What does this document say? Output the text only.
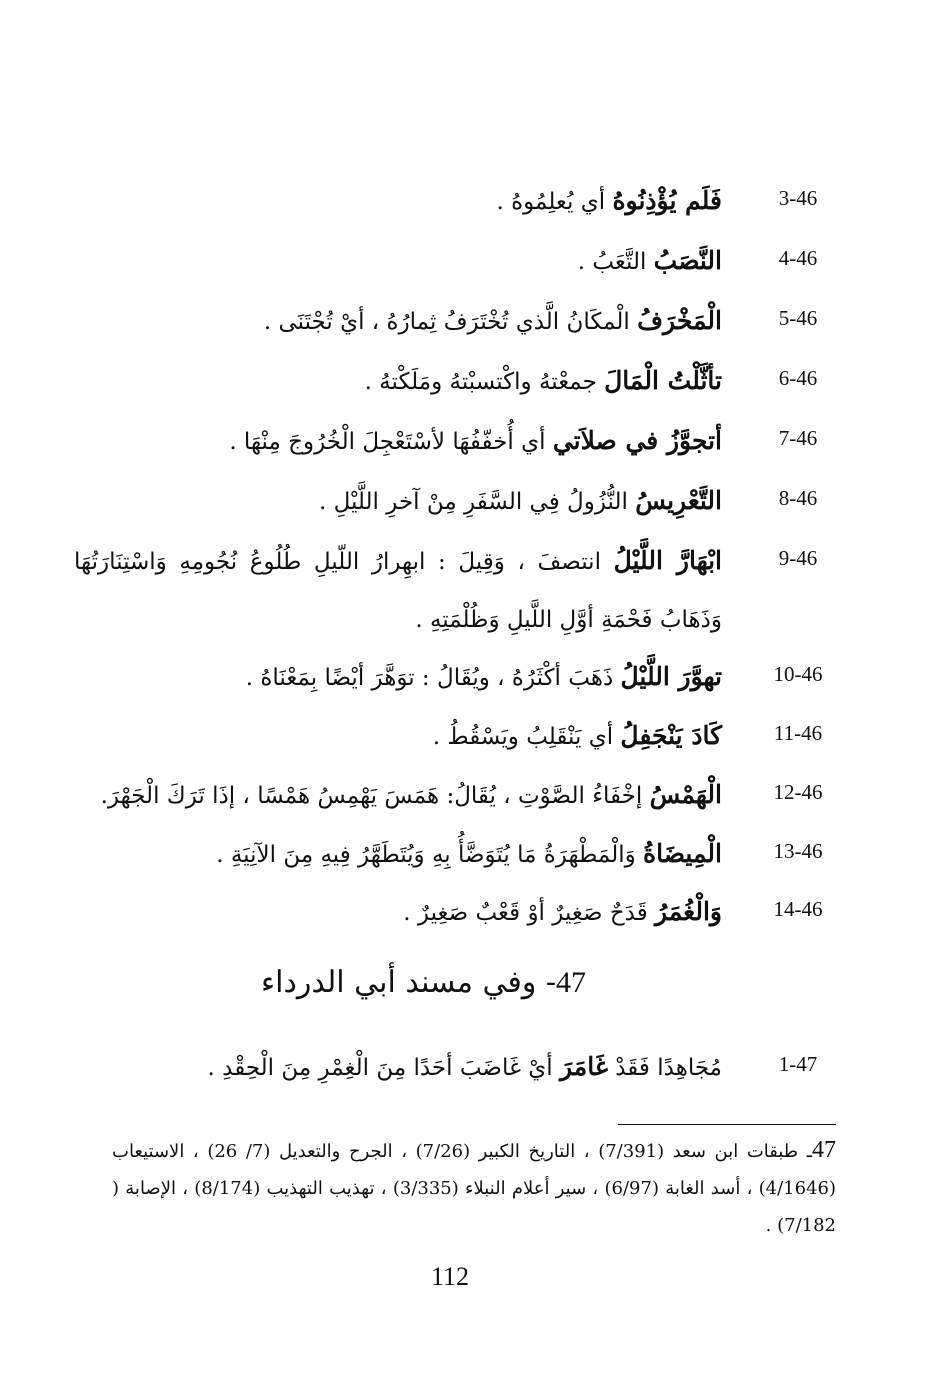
3-46
فَلَم يُؤْذِنُوهُ أي يُعلِمُوهُ .
4-46
النَّصَبُ التَّعَبُ .
5-46
الْمَخْرَفُ الْمكَانُ الَّذي تُخْتَرَفُ ثِمارُهُ ، أيْ تُجْتَنَى .
6-46
تأثَّلْتُ الْمَالَ جمعْتهُ واكْتسبْتهُ ومَلَكْتهُ .
7-46
أتجوَّزُ في صلاَتي أي أُخفّفُهَا لأسْتَعْجِلَ الْخُرُوجَ مِنْهَا .
8-46
التَّعْرِيسُ النُّزُولُ فِي السَّفَرِ مِنْ آخرِ اللَّيْلِ .
9-46
ابْهَارَّ اللَّيْلُ انتصفَ ، وَقِيلَ : ابهِرارُ اللّيلِ طُلُوعُ نُجُومِهِ وَاسْتِنَارَتُهَا وَذَهَابُ فَحْمَةِ أوَّلِ اللَّيلِ وَظُلْمَتِهِ .
10-46
تهوَّرَ اللَّيْلُ ذَهَبَ أكْثَرُهُ ، ويُقَالُ : توَهَّرَ أيْضًا بِمَعْنَاهُ .
11-46
كَادَ يَنْجَفِلُ أي يَنْقَلِبُ ويَسْقُطُ .
12-46
الْهَمْسُ إخْفَاءُ الصَّوْتِ ، يُقَالُ: هَمَسَ يَهْمِسُ هَمْسًا ، إذَا تَرَكَ الْجَهْرَ.
13-46
الْمِيضَاةُ وَالْمَطْهَرَةُ مَا يُتَوَضَّأُ بِهِ وَيُتَطَهَّرُ فِيهِ مِنَ الآنِيَةِ .
14-46
وَالْغُمَرُ قَدَحٌ صَغِيرٌ أوْ قَعْبٌ صَغِيرٌ .
47- وفي مسند أبي الدرداء
1-47
مُجَاهِدًا فَقَدْ غَامَرَ أيْ غَاضَبَ أحَدًا مِنَ الْغِمْرِ مِنَ الْحِقْدِ .
47ـ طبقات ابن سعد (7/391) ، التاريخ الكبير (7/26) ، الجرح والتعديل (7/ 26) ، الاستيعاب (4/1646) ، أسد الغابة (6/97) ، سير أعلام النبلاء (3/335) ، تهذيب التهذيب (8/174) ، الإصابة ( 7/182) .
112
